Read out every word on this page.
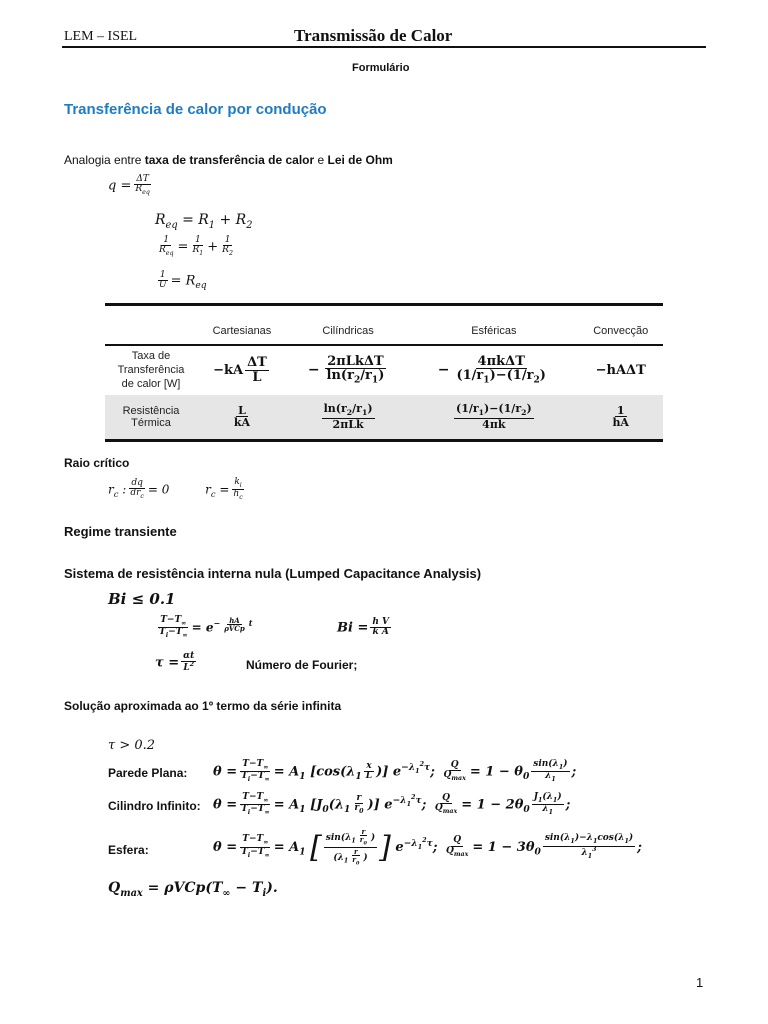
LEM – ISEL	Transmissão de Calor
Formulário
Transferência de calor por condução
Analogia entre taxa de transferência de calor e Lei de Ohm
$q = \frac{\Delta T}{R_{eq}}$
$R_{eq} = R_1 + R_2$
$\frac{1}{R_{eq}} = \frac{1}{R_1} + \frac{1}{R_2}$
$\frac{1}{U} = R_{eq}$
	Cartesianas	Cilíndricas	Esféricas	Convecção
Taxa de Transferência de calor [W]	$-kA \frac{\Delta T}{L}$	− $\frac{\text{2πLkΔT}}{\ln(r_2/r_1)}$	− $\frac{\text{4πkΔT}}{(1/r_1)-(1/r_2)}$	−hAΔT
Resistência Térmica	$\frac{L}{kA}$	$\frac{\ln(r_2/r_1)}{\text{2πLk}}$	$\frac{(1/r_1)-(1/r_2)}{4\pi k}$	$\frac{1}{hA}$
Raio crítico
$r_c$ : $\frac{dq}{dr_c} = 0$  $r_c = \frac{k_i}{h_c}$
Regime transiente
Sistema de resistência interna nula (Lumped Capacitance Analysis)
Bi ≤ 0.1
$\frac{T-T_\infty}{T_i-T_\infty} = e^{- \frac{hA}{\text{ρVCp}} t}$	$Bi = \frac{\text{h V}}{\text{k A}}$
$\tau = \frac{\alpha t}{L^2}$	Número de Fourier;
Solução aproximada ao 1º termo da série infinita
τ > 0.2
Parede Plana: $\theta = \frac{T-T_\infty}{T_i-T_\infty} = A_1$ [$\cos(\lambda_1 \frac{x}{L}$ )] $e^{-\lambda_1^2\tau}$; $\frac{Q}{Q_{max}} = 1 - \theta_0 \frac{\sin(\lambda_1)}{\lambda_1}$ ;
Cilindro Infinito: $\theta = \frac{T-T_\infty}{T_i-T_\infty} = A_1$ [$J_0(\lambda_1 \frac{r}{r_0}$ )] $e^{-\lambda_1^2\tau}$; $\frac{Q}{Q_{max}} = 1 - 2\theta_0 \frac{J_1(\lambda_1)}{\lambda_1}$ ;
Esfera:	$\theta = \frac{T-T_\infty}{T_i-T_\infty} = A_1$ [ $\frac{\sin(\lambda_1 \frac{r}{r_0} )}{(\lambda_1 \frac{r}{r_0} )}$ ] $e^{-\lambda_1^2\tau}$; $\frac{Q}{Q_{max}} = 1 - 3\theta_0 \frac{\sin(\lambda_1)-\lambda_1\cos(\lambda_1)}{\lambda_1^3}$ ;
$Q_{max} = \rho VCp(T_\infty - T_i)$.
1
